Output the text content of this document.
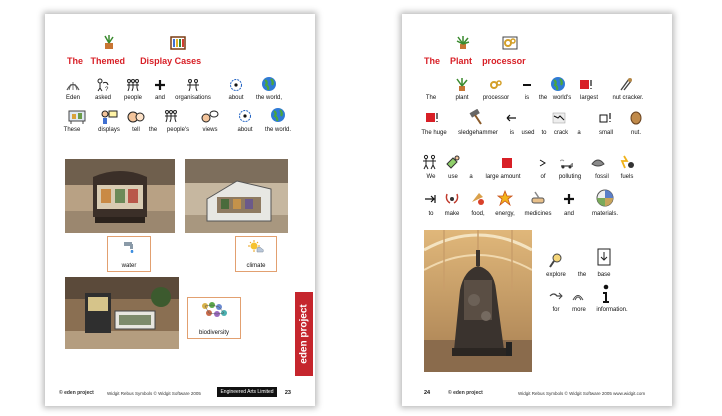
The Themed Display Cases
?
Eden asked people and organisations	about the world,
These	displays tell the people's views	about the world.
water	climate
biodiversity	eden project
© eden project	Widgit Rebus Symbols © Widgit Software 2005	Engineered Arts Limited	23
The Plant processor
The	plant processor	is the world's largest nut cracker.
The huge sledgehammer is used to crack a	small	nut.
We use a large amount	of polluting fossil fuels
to make food, energy, medicines and	materials.
explore the base
for more information.
24	© eden project	Widgit Rebus Symbols © Widgit Software 2005 www.widgit.com
